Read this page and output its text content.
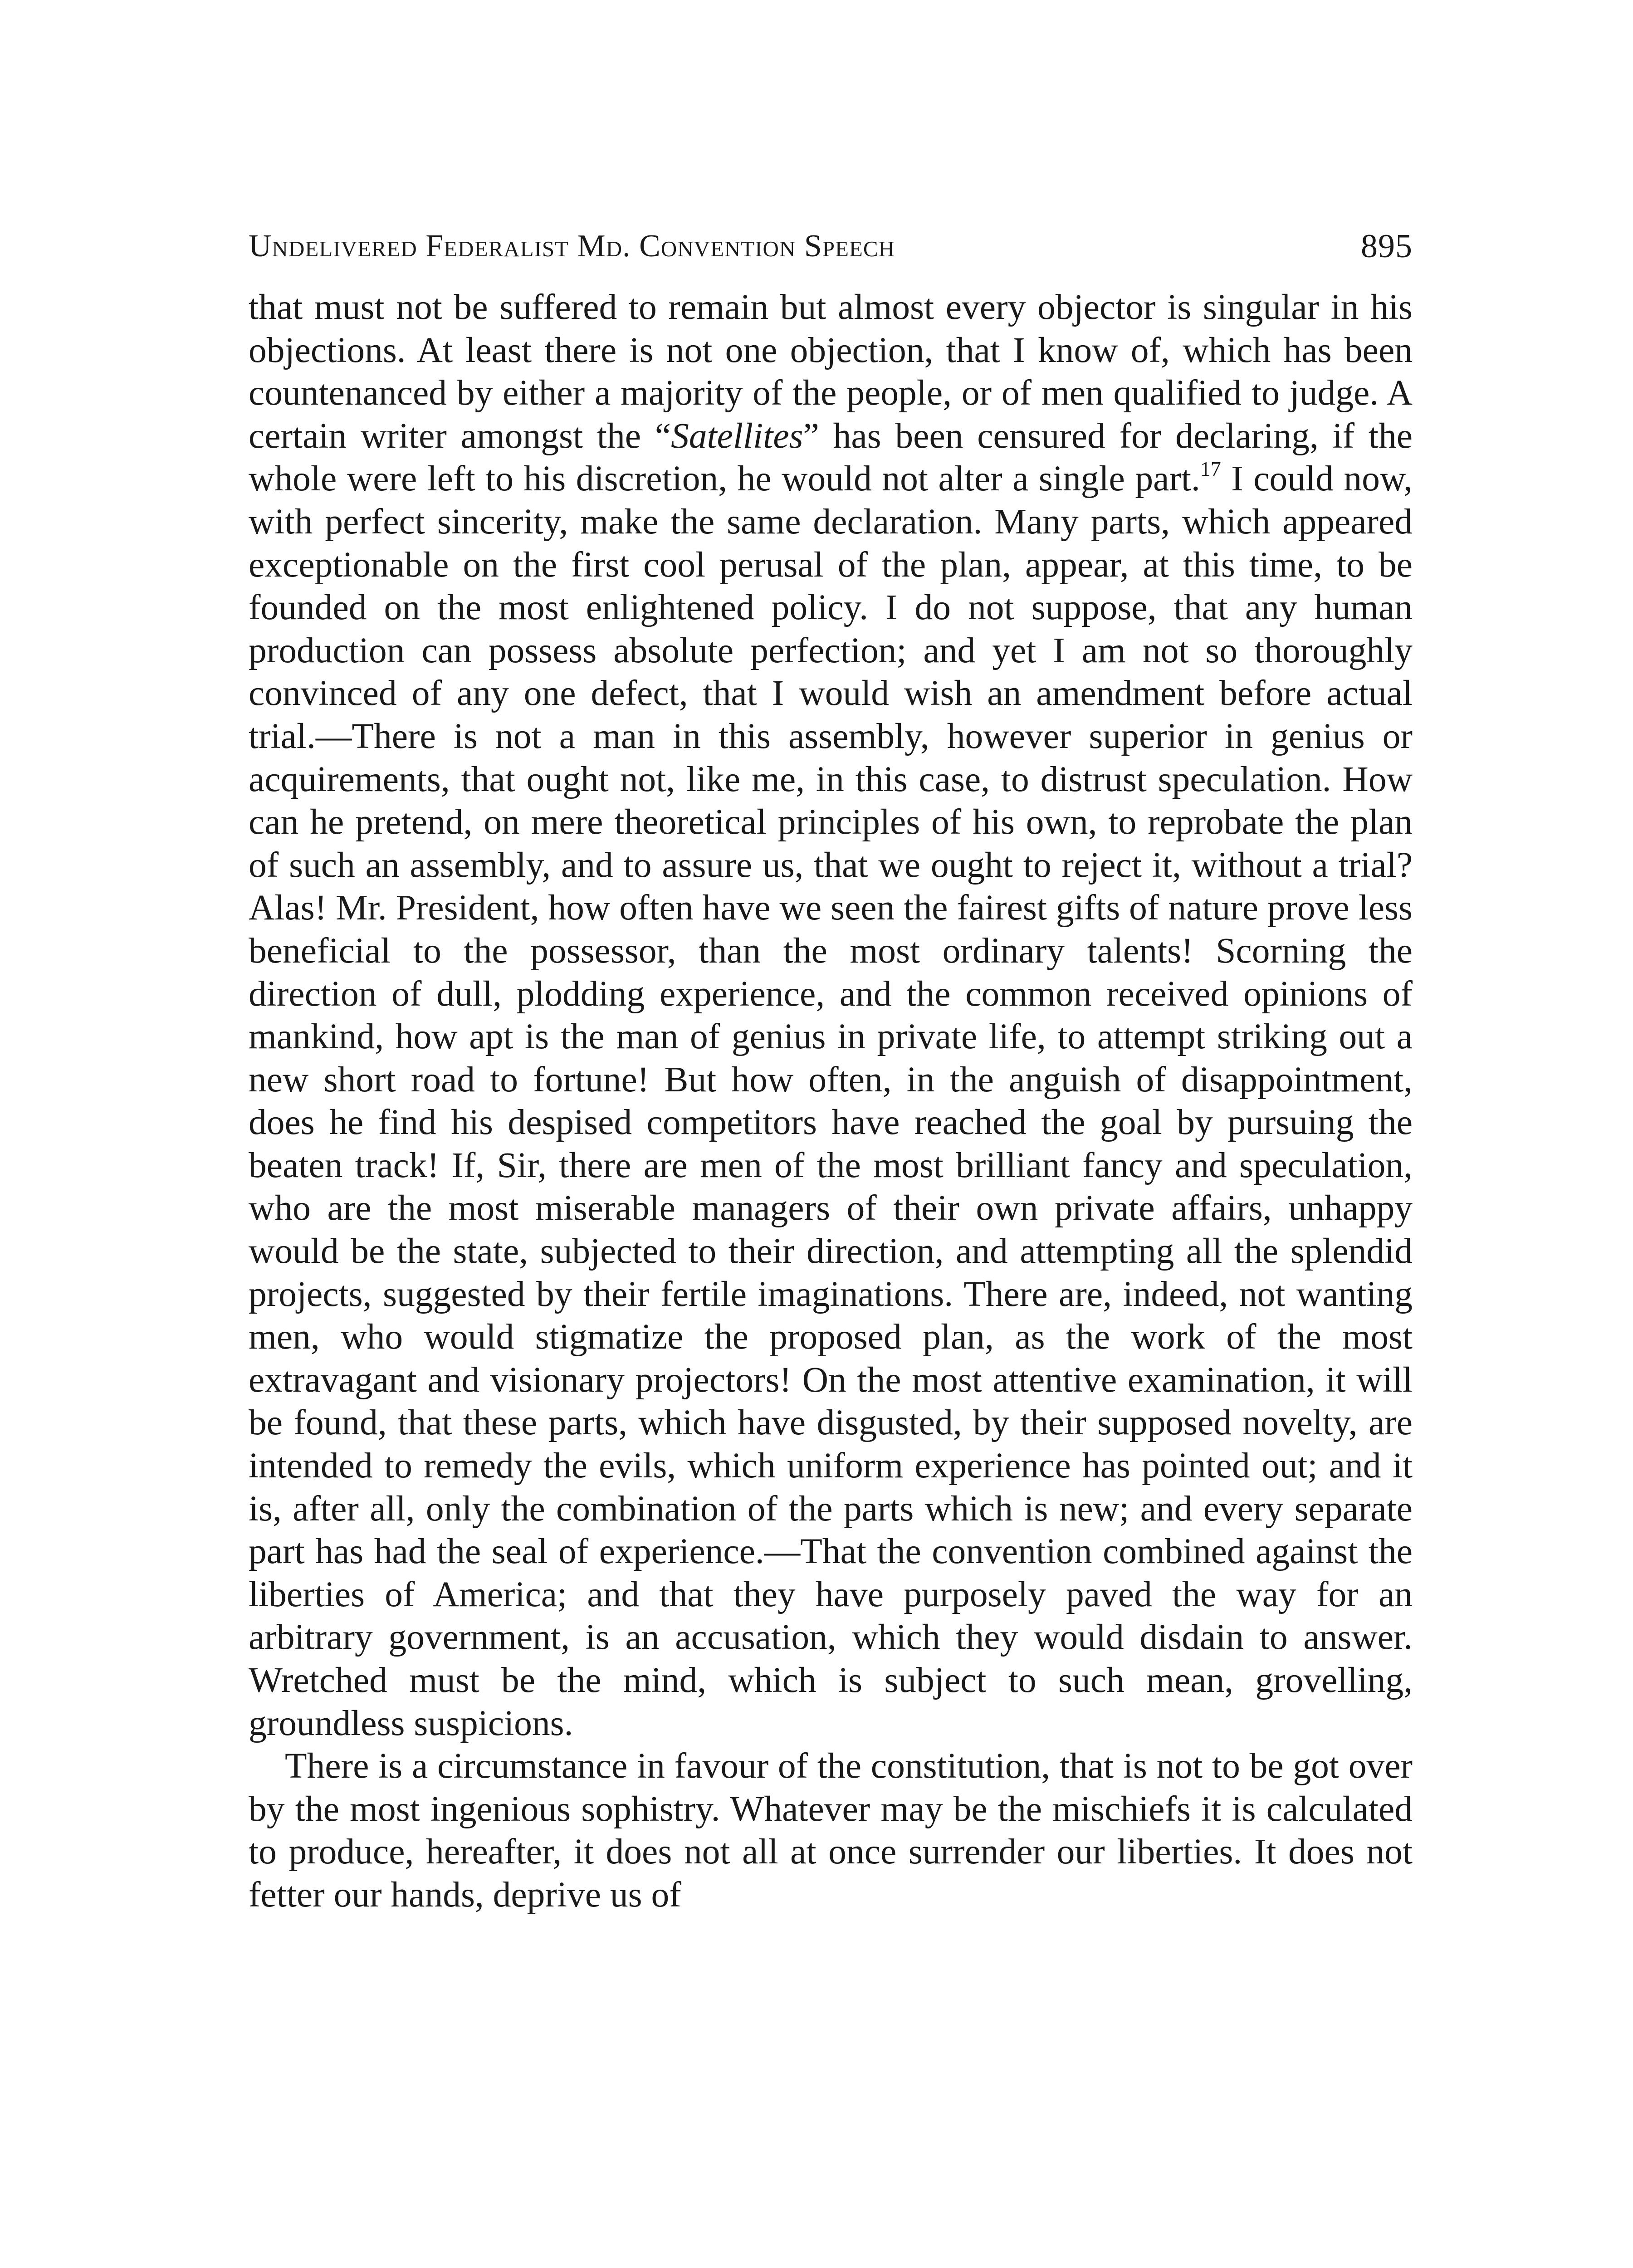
Undelivered Federalist Md. Convention Speech	895

that must not be suffered to remain but almost every objector is singular in his objections. At least there is not one objection, that I know of, which has been countenanced by either a majority of the people, or of men qualified to judge. A certain writer amongst the “Satellites” has been censured for declaring, if the whole were left to his discretion, he would not alter a single part.$^{17}$ I could now, with perfect sincerity, make the same declaration. Many parts, which appeared exceptionable on the first cool perusal of the plan, appear, at this time, to be founded on the most enlightened policy. I do not suppose, that any human production can possess absolute perfection; and yet I am not so thoroughly convinced of any one defect, that I would wish an amendment before actual trial.—There is not a man in this assembly, however superior in genius or acquirements, that ought not, like me, in this case, to distrust speculation. How can he pretend, on mere theoretical principles of his own, to reprobate the plan of such an assembly, and to assure us, that we ought to reject it, without a trial? Alas! Mr. President, how often have we seen the fairest gifts of nature prove less beneficial to the possessor, than the most ordinary talents! Scorning the direction of dull, plodding experience, and the common received opinions of mankind, how apt is the man of genius in private life, to attempt striking out a new short road to fortune! But how often, in the anguish of disappointment, does he find his despised competitors have reached the goal by pursuing the beaten track! If, Sir, there are men of the most brilliant fancy and speculation, who are the most miserable managers of their own private affairs, unhappy would be the state, subjected to their direction, and attempting all the splendid projects, suggested by their fertile imaginations. There are, indeed, not wanting men, who would stigmatize the proposed plan, as the work of the most extravagant and visionary projectors! On the most attentive examination, it will be found, that these parts, which have disgusted, by their supposed novelty, are intended to remedy the evils, which uniform experience has pointed out; and it is, after all, only the combination of the parts which is new; and every separate part has had the seal of experience.—That the convention combined against the liberties of America; and that they have purposely paved the way for an arbitrary government, is an accusation, which they would disdain to answer. Wretched must be the mind, which is subject to such mean, grovelling, groundless suspicions.

There is a circumstance in favour of the constitution, that is not to be got over by the most ingenious sophistry. Whatever may be the mischiefs it is calculated to produce, hereafter, it does not all at once surrender our liberties. It does not fetter our hands, deprive us of
